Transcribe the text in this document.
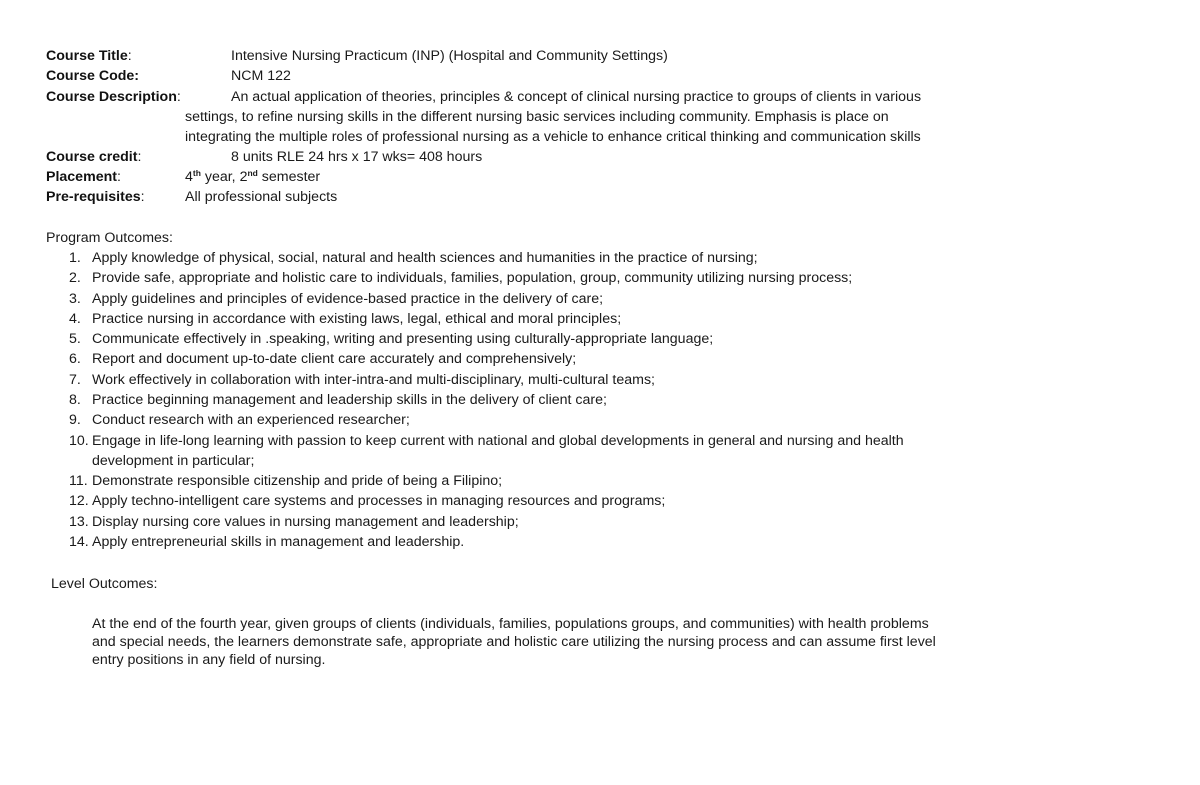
Course Title:	Intensive Nursing Practicum (INP) (Hospital and Community Settings)
Course Code:	NCM 122
Course Description:	An actual application of theories, principles & concept of clinical nursing practice to groups of clients in various
settings, to refine nursing skills in the different nursing basic services including community. Emphasis is place on
integrating the multiple roles of professional nursing as a vehicle to enhance critical thinking and communication skills
Course credit:	8 units RLE 24 hrs x 17 wks= 408 hours
Placement:	4th year, 2nd semester
Pre-requisites:	All professional subjects
Program Outcomes:
1. Apply knowledge of physical, social, natural and health sciences and humanities in the practice of nursing;
2. Provide safe, appropriate and holistic care to individuals, families, population, group, community utilizing nursing process;
3. Apply guidelines and principles of evidence-based practice in the delivery of care;
4. Practice nursing in accordance with existing laws, legal, ethical and moral principles;
5. Communicate effectively in .speaking, writing and presenting using culturally-appropriate language;
6. Report and document up-to-date client care accurately and comprehensively;
7. Work effectively in collaboration with inter-intra-and multi-disciplinary, multi-cultural teams;
8. Practice beginning management and leadership skills in the delivery of client care;
9. Conduct research with an experienced researcher;
10. Engage in life-long learning with passion to keep current with national and global developments in general and nursing and health
development in particular;
11. Demonstrate responsible citizenship and pride of being a Filipino;
12. Apply techno-intelligent care systems and processes in managing resources and programs;
13. Display nursing core values in nursing management and leadership;
14. Apply entrepreneurial skills in management and leadership.
Level Outcomes:
At the end of the fourth year, given groups of clients (individuals, families, populations groups, and communities) with health problems
and special needs, the learners demonstrate safe, appropriate and holistic care utilizing the nursing process and can assume first level
entry positions in any field of nursing.
